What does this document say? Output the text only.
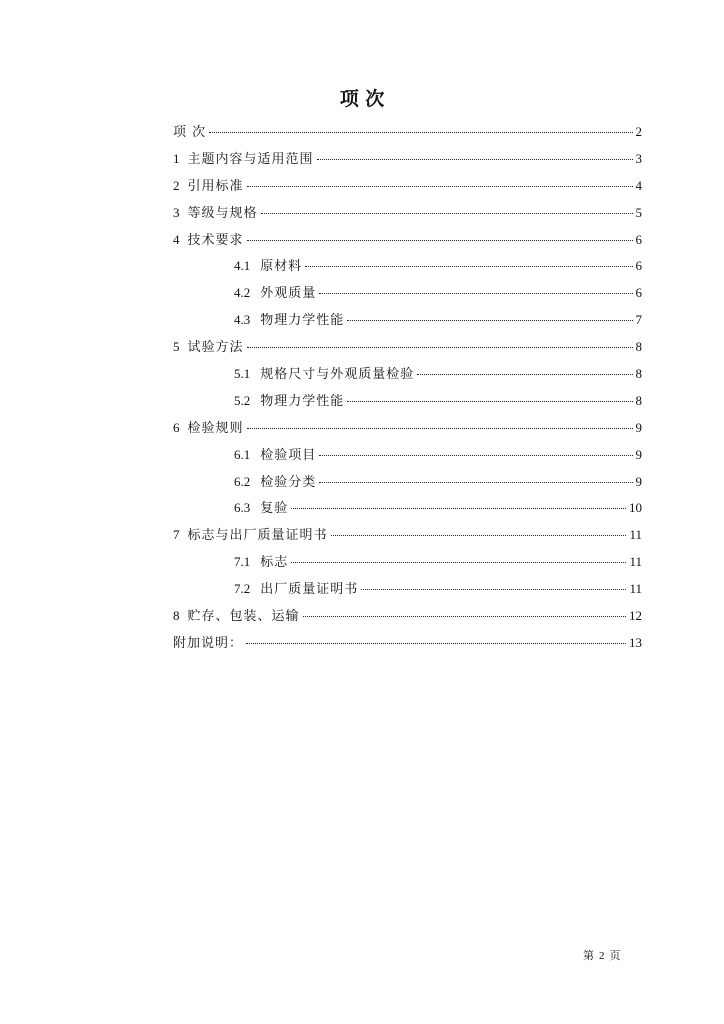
项 次
项 次	2
1 主题内容与适用范围	3
2 引用标准	4
3 等级与规格	5
4 技术要求	6
4.1 原材料	6
4.2 外观质量	6
4.3 物理力学性能	7
5 试验方法	8
5.1 规格尺寸与外观质量检验	8
5.2 物理力学性能	8
6 检验规则	9
6.1 检验项目	9
6.2 检验分类	9
6.3 复验	10
7 标志与出厂质量证明书	11
7.1 标志	11
7.2 出厂质量证明书	11
8 贮存、包装、运输	12
附加说明：	13
第 2 页
